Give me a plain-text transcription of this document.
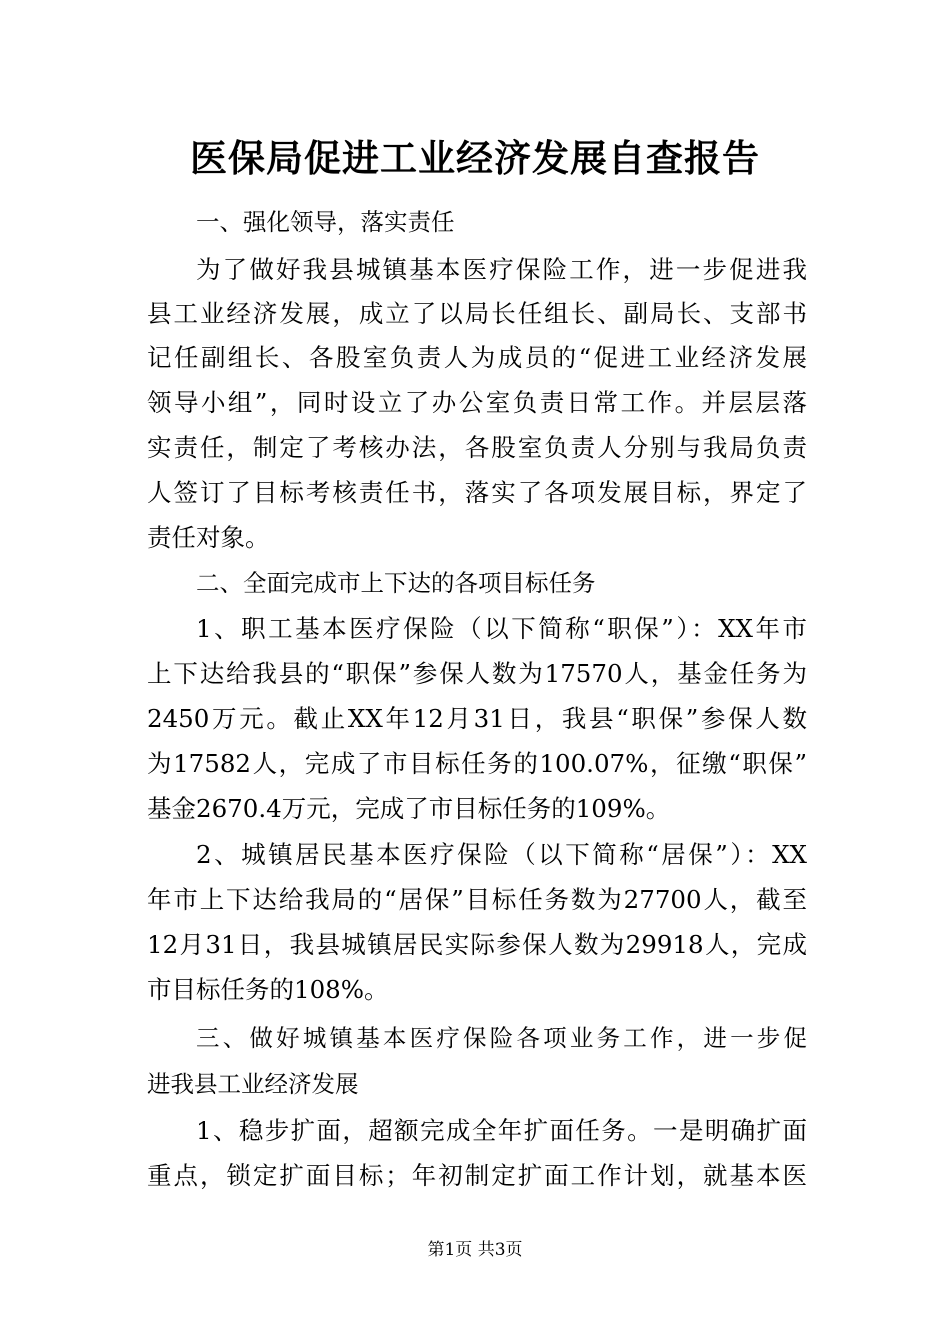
医保局促进工业经济发展自查报告
一、强化领导，落实责任
为了做好我县城镇基本医疗保险工作，进一步促进我
县工业经济发展，成立了以局长任组长、副局长、支部书
记任副组长、各股室负责人为成员的“促进工业经济发展
领导小组”，同时设立了办公室负责日常工作。并层层落
实责任，制定了考核办法，各股室负责人分别与我局负责
人签订了目标考核责任书，落实了各项发展目标，界定了
责任对象。
二、全面完成市上下达的各项目标任务
1、职工基本医疗保险（以下简称“职保”）：XX年市
上下达给我县的“职保”参保人数为17570人，基金任务为
2450万元。截止XX年12月31日，我县“职保”参保人数
为17582人，完成了市目标任务的100.07%，征缴“职保”
基金2670.4万元，完成了市目标任务的109%。
2、城镇居民基本医疗保险（以下简称“居保”）：XX
年市上下达给我局的“居保”目标任务数为27700人，截至
12月31日，我县城镇居民实际参保人数为29918人，完成
市目标任务的108%。
三、做好城镇基本医疗保险各项业务工作，进一步促
进我县工业经济发展
1、稳步扩面，超额完成全年扩面任务。一是明确扩面
重点，锁定扩面目标；年初制定扩面工作计划，就基本医
第1页 共3页
